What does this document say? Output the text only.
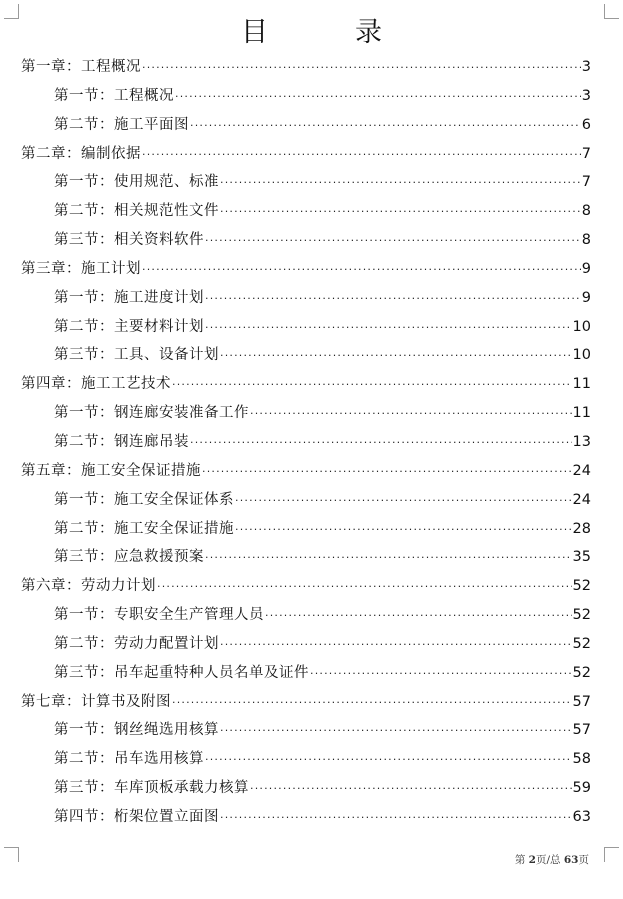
目　录
第一章：工程概况 ·····	3
第一节：工程概况 ·····	3
第二节：施工平面图 ·····	6
第二章：编制依据 ·····	7
第一节：使用规范、标准 ·····	7
第二节：相关规范性文件 ·····	8
第三节：相关资料软件 ·····	8
第三章：施工计划 ·····	9
第一节：施工进度计划 ·····	9
第二节：主要材料计划 ·····	10
第三节：工具、设备计划 ·····	10
第四章：施工工艺技术 ·····	11
第一节：钢连廊安装准备工作 ·····	11
第二节：钢连廊吊装 ·····	13
第五章：施工安全保证措施 ·····	24
第一节：施工安全保证体系 ·····	24
第二节：施工安全保证措施 ·····	28
第三节：应急救援预案 ·····	35
第六章：劳动力计划 ·····	52
第一节：专职安全生产管理人员 ·····	52
第二节：劳动力配置计划 ·····	52
第三节：吊车起重特种人员名单及证件 ·····	52
第七章：计算书及附图 ·····	57
第一节：钢丝绳选用核算 ·····	57
第二节：吊车选用核算 ·····	58
第三节：车库顶板承载力核算 ·····	59
第四节：桁架位置立面图 ·····	63
第 2页/总 63页
